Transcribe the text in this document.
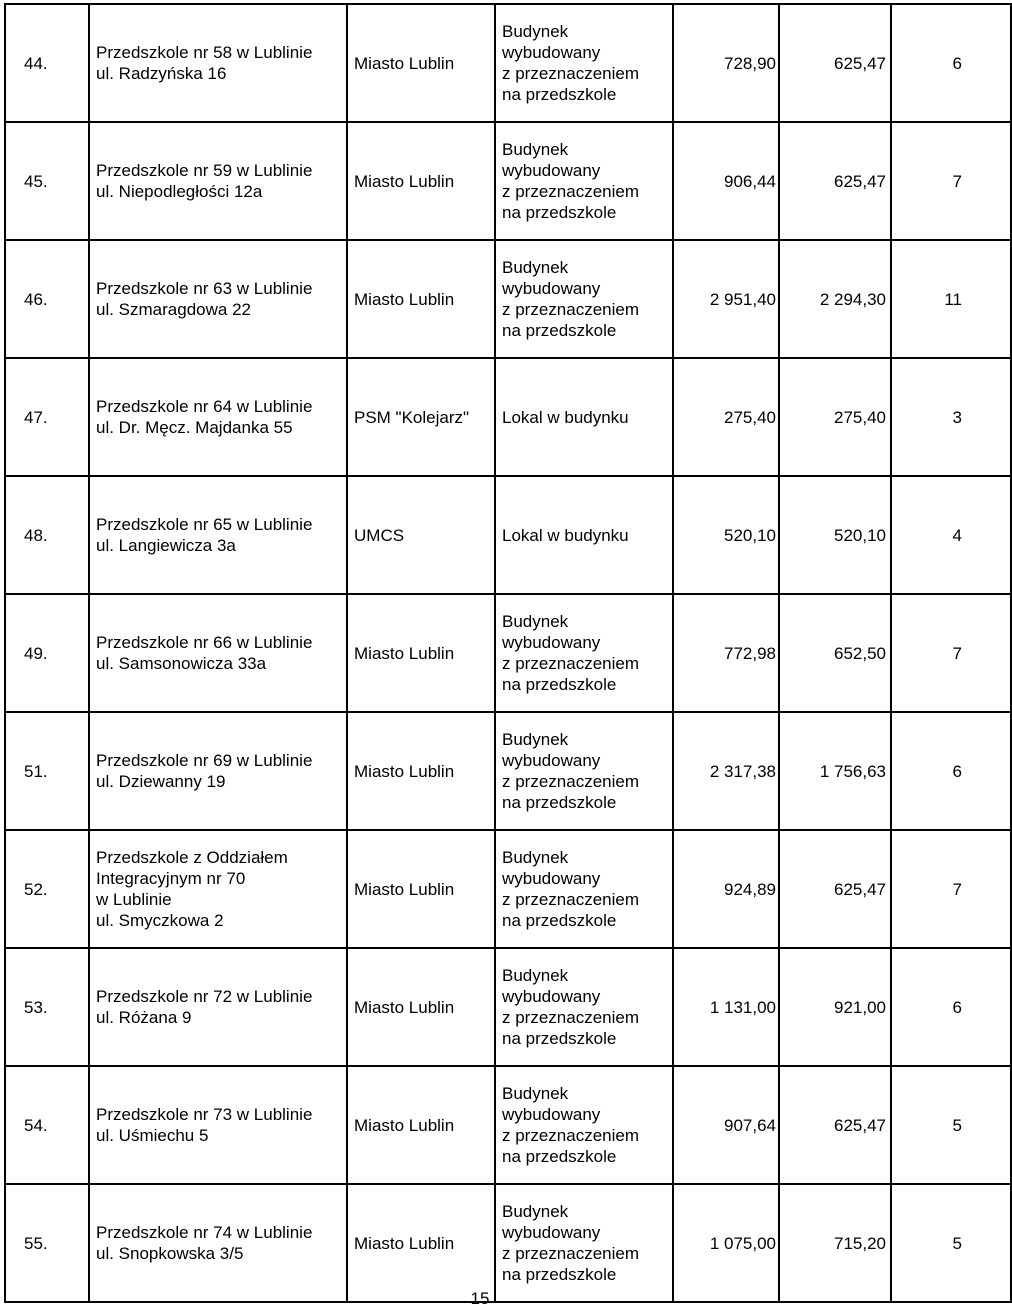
44.	Przedszkole nr 58 w Lublinie
ul. Radzyńska 16	Miasto Lublin	Budynek
wybudowany
z przeznaczeniem
na przedszkole	728,90	625,47	6
45.	Przedszkole nr 59 w Lublinie
ul. Niepodległości 12a	Miasto Lublin	Budynek
wybudowany
z przeznaczeniem
na przedszkole	906,44	625,47	7
46.	Przedszkole nr 63 w Lublinie
ul. Szmaragdowa 22	Miasto Lublin	Budynek
wybudowany
z przeznaczeniem
na przedszkole	2 951,40	2 294,30	11
47.	Przedszkole nr 64 w Lublinie
ul. Dr. Męcz. Majdanka 55	PSM "Kolejarz"	Lokal w budynku	275,40	275,40	3
48.	Przedszkole nr 65 w Lublinie
ul. Langiewicza 3a	UMCS	Lokal w budynku	520,10	520,10	4
49.	Przedszkole nr 66 w Lublinie
ul. Samsonowicza 33a	Miasto Lublin	Budynek
wybudowany
z przeznaczeniem
na przedszkole	772,98	652,50	7
51.	Przedszkole nr 69 w Lublinie
ul. Dziewanny 19	Miasto Lublin	Budynek
wybudowany
z przeznaczeniem
na przedszkole	2 317,38	1 756,63	6
52.	Przedszkole z Oddziałem
Integracyjnym nr 70
w Lublinie
ul. Smyczkowa 2	Miasto Lublin	Budynek
wybudowany
z przeznaczeniem
na przedszkole	924,89	625,47	7
53.	Przedszkole nr 72 w Lublinie
ul. Różana 9	Miasto Lublin	Budynek
wybudowany
z przeznaczeniem
na przedszkole	1 131,00	921,00	6
54.	Przedszkole nr 73 w Lublinie
ul. Uśmiechu 5	Miasto Lublin	Budynek
wybudowany
z przeznaczeniem
na przedszkole	907,64	625,47	5
55.	Przedszkole nr 74 w Lublinie
ul. Snopkowska 3/5	Miasto Lublin	Budynek
wybudowany
z przeznaczeniem
na przedszkole	1 075,00	715,20	5
15
